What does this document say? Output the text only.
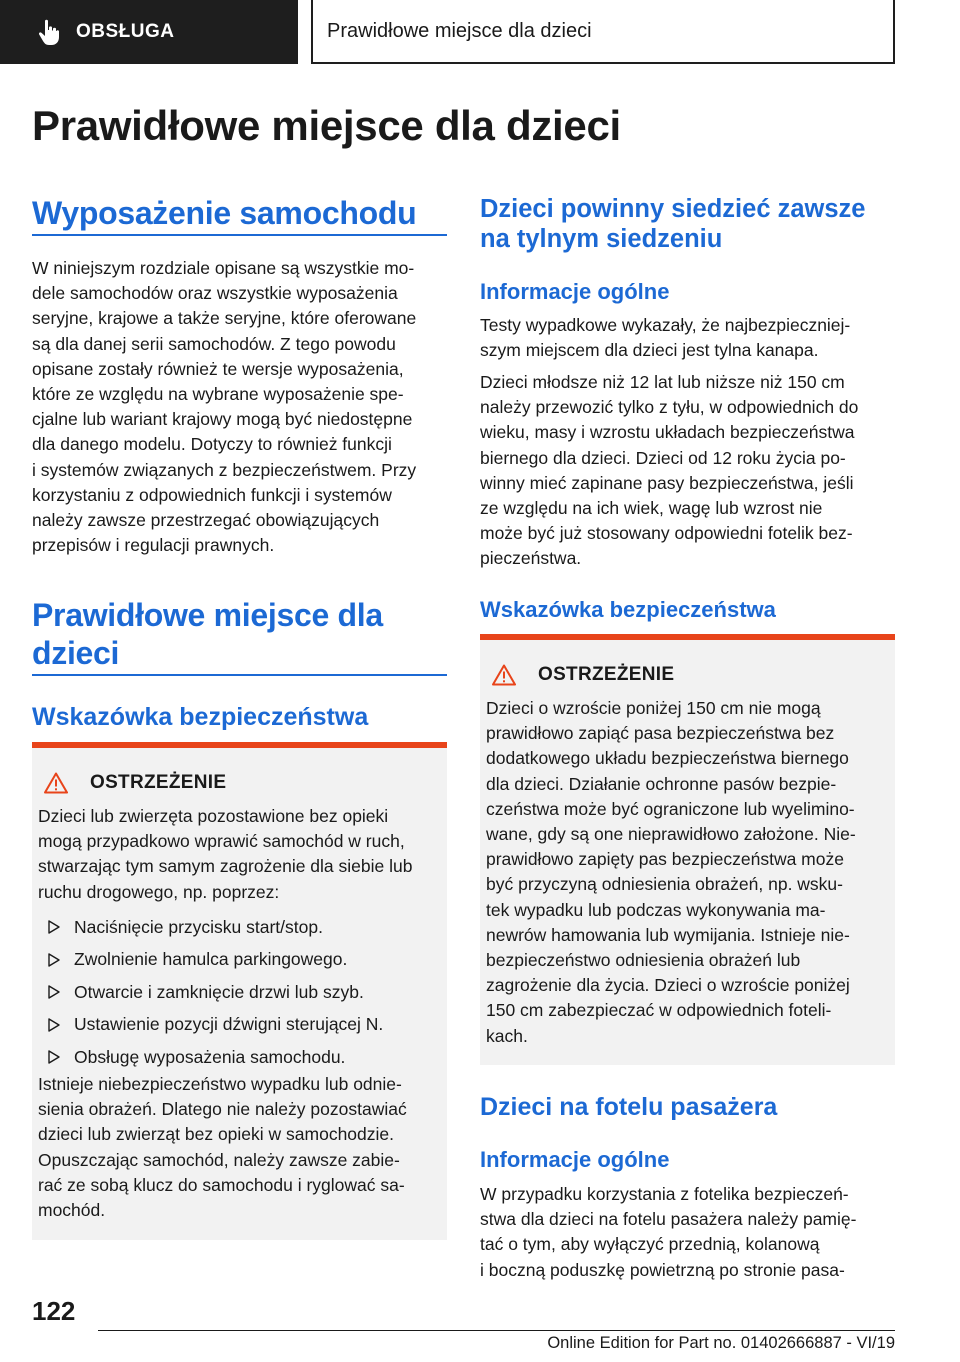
OBSŁUGA	Prawidłowe miejsce dla dzieci
Prawidłowe miejsce dla dzieci
Wyposażenie samochodu
W niniejszym rozdziale opisane są wszystkie mo‐
dele samochodów oraz wszystkie wyposażenia
seryjne, krajowe a także seryjne, które oferowane
są dla danej serii samochodów. Z tego powodu
opisane zostały również te wersje wyposażenia,
które ze względu na wybrane wyposażenie spe‐
cjalne lub wariant krajowy mogą być niedostępne
dla danego modelu. Dotyczy to również funkcji
i systemów związanych z bezpieczeństwem. Przy
korzystaniu z odpowiednich funkcji i systemów
należy zawsze przestrzegać obowiązujących
przepisów i regulacji prawnych.
Prawidłowe miejsce dla
dzieci
Wskazówka bezpieczeństwa
OSTRZEŻENIE
Dzieci lub zwierzęta pozostawione bez opieki
mogą przypadkowo wprawić samochód w ruch,
stwarzając tym samym zagrożenie dla siebie lub
ruchu drogowego, np. poprzez:
Naciśnięcie przycisku start/stop.
Zwolnienie hamulca parkingowego.
Otwarcie i zamknięcie drzwi lub szyb.
Ustawienie pozycji dźwigni sterującej N.
Obsługę wyposażenia samochodu.
Istnieje niebezpieczeństwo wypadku lub odnie‐
sienia obrażeń. Dlatego nie należy pozostawiać
dzieci lub zwierząt bez opieki w samochodzie.
Opuszczając samochód, należy zawsze zabie‐
rać ze sobą klucz do samochodu i ryglować sa‐
mochód.
Dzieci powinny siedzieć zawsze
na tylnym siedzeniu
Informacje ogólne
Testy wypadkowe wykazały, że najbezpieczniej‐
szym miejscem dla dzieci jest tylna kanapa.
Dzieci młodsze niż 12 lat lub niższe niż 150 cm
należy przewozić tylko z tyłu, w odpowiednich do
wieku, masy i wzrostu układach bezpieczeństwa
biernego dla dzieci. Dzieci od 12 roku życia po‐
winny mieć zapinane pasy bezpieczeństwa, jeśli
ze względu na ich wiek, wagę lub wzrost nie
może być już stosowany odpowiedni fotelik bez‐
pieczeństwa.
Wskazówka bezpieczeństwa
OSTRZEŻENIE
Dzieci o wzroście poniżej 150 cm nie mogą
prawidłowo zapiąć pasa bezpieczeństwa bez
dodatkowego układu bezpieczeństwa biernego
dla dzieci. Działanie ochronne pasów bezpie‐
czeństwa może być ograniczone lub wyelimino‐
wane, gdy są one nieprawidłowo założone. Nie‐
prawidłowo zapięty pas bezpieczeństwa może
być przyczyną odniesienia obrażeń, np. wsku‐
tek wypadku lub podczas wykonywania ma‐
newrów hamowania lub wymijania. Istnieje nie‐
bezpieczeństwo odniesienia obrażeń lub
zagrożenie dla życia. Dzieci o wzroście poniżej
150 cm zabezpieczać w odpowiednich foteli‐
kach.
Dzieci na fotelu pasażera
Informacje ogólne
W przypadku korzystania z fotelika bezpieczeń‐
stwa dla dzieci na fotelu pasażera należy pamię‐
tać o tym, aby wyłączyć przednią, kolanową
i boczną poduszkę powietrzną po stronie pasa‐
122
Online Edition for Part no. 01402666887 - VI/19
